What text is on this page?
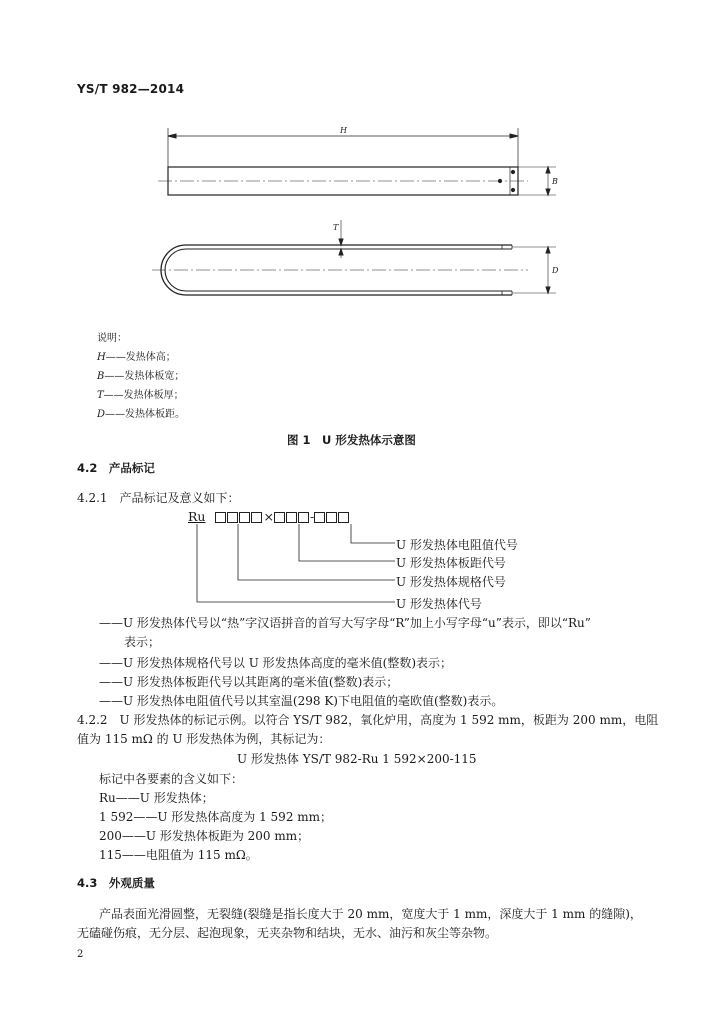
YS/T 982—2014
H
B
T
D
说明：
H——发热体高；
B——发热体板宽；
T——发热体板厚；
D——发热体板距。
图 1　U 形发热体示意图
4.2　产品标记
4.2.1　产品标记及意义如下：
Ru	×	-
U 形发热体电阻值代号
U 形发热体板距代号
U 形发热体规格代号
U 形发热体代号
——U 形发热体代号以“热”字汉语拼音的首写大写字母“R”加上小写字母“u”表示，即以“Ru”
表示；
——U 形发热体规格代号以 U 形发热体高度的毫米值(整数)表示；
——U 形发热体板距代号以其距离的毫米值(整数)表示；
——U 形发热体电阻值代号以其室温(298 K)下电阻值的毫欧值(整数)表示。
4.2.2　U 形发热体的标记示例。以符合 YS/T 982，氧化炉用，高度为 1 592 mm，板距为 200 mm，电阻
值为 115 mΩ 的 U 形发热体为例，其标记为：
U 形发热体 YS/T 982-Ru 1 592×200-115
标记中各要素的含义如下：
Ru——U 形发热体；
1 592——U 形发热体高度为 1 592 mm；
200——U 形发热体板距为 200 mm；
115——电阻值为 115 mΩ。
4.3　外观质量
产品表面光滑圆整，无裂缝(裂缝是指长度大于 20 mm，宽度大于 1 mm，深度大于 1 mm 的缝隙)，
无磕碰伤痕，无分层、起泡现象，无夹杂物和结块，无水、油污和灰尘等杂物。
2
